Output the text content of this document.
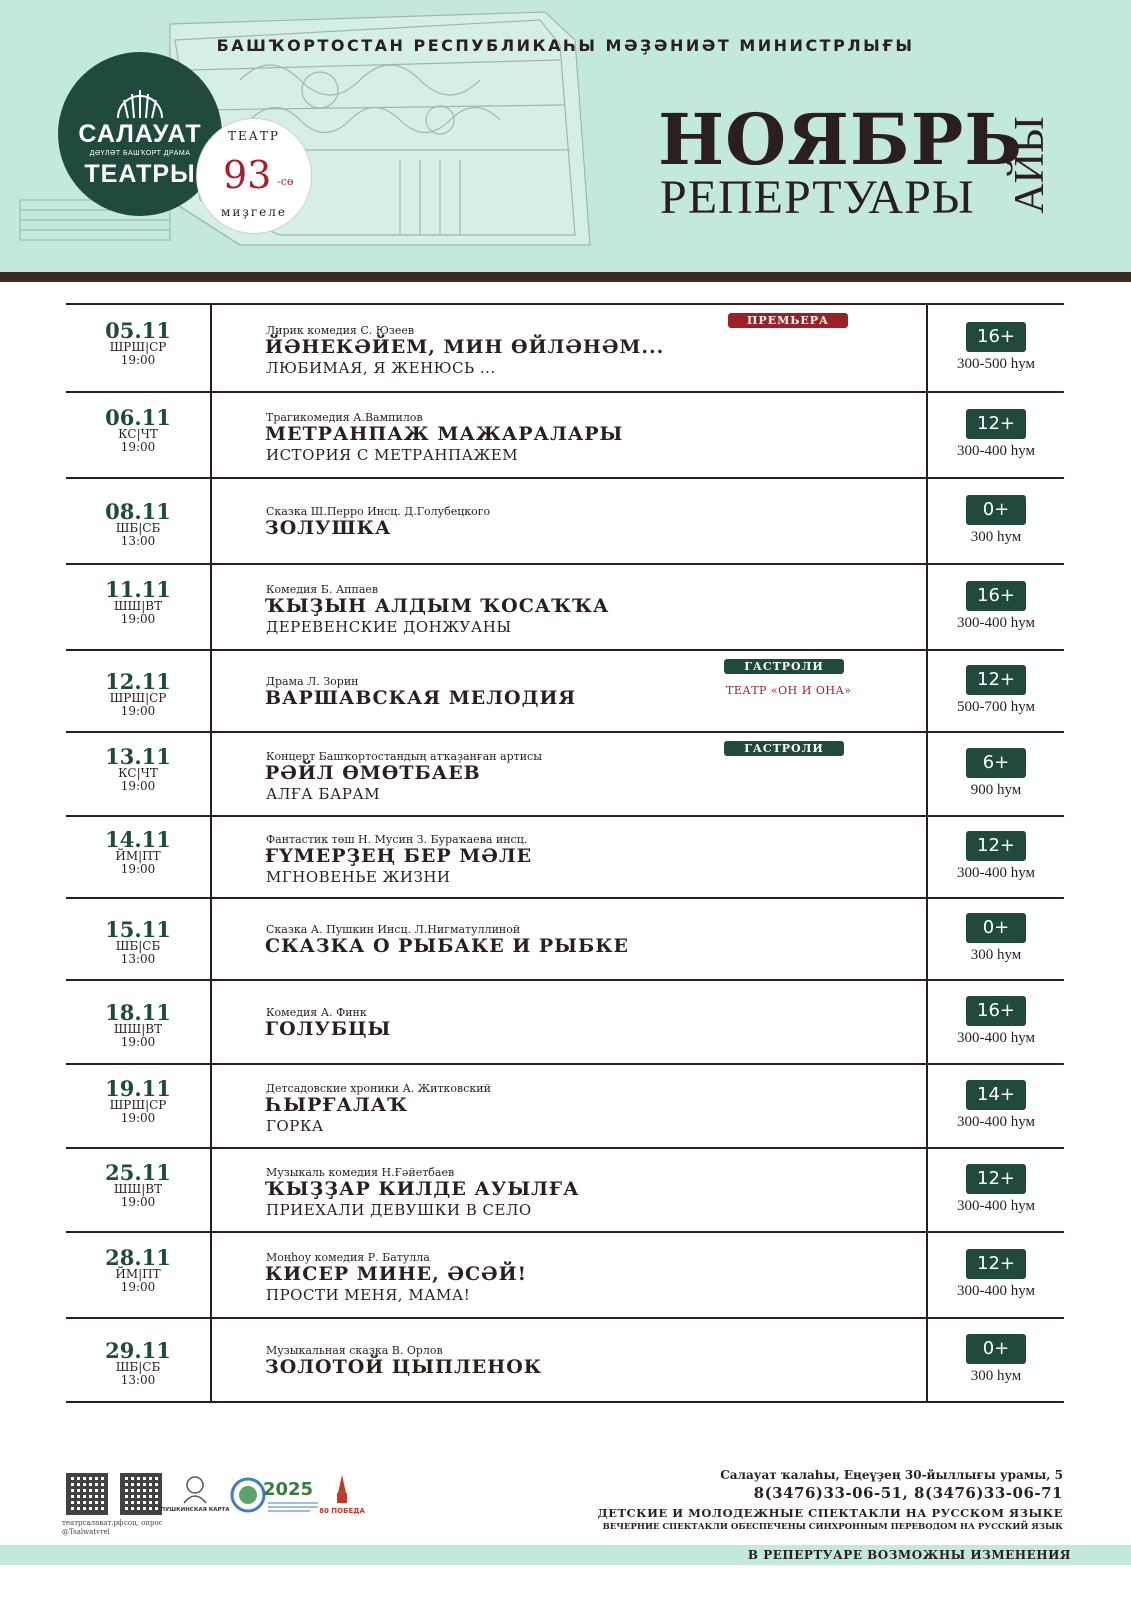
БАШҠОРТОСТАН РЕСПУБЛИКАҺЫ МӘҘӘНИӘТ МИНИСТРЛЫҒЫ
САЛАУАТ
ДӘҮЛӘТ БАШҠОРТ ДРАМА
ТЕАТРЫ
ТЕАТР
93 -сө
миҙгеле
НОЯБРЬ
РЕПЕРТУАРЫ АЙЫ
05.11
ШРШ|СР
19:00
Лирик комедия С. Юзеев
ЙӘНЕКӘЙЕМ, МИН ӨЙЛӘНӘМ...
ЛЮБИМАЯ, Я ЖЕНЮСЬ ...
ПРЕМЬЕРА
16+
300-500 һум
06.11
КС|ЧТ
19:00
Трагикомедия А.Вампилов
МЕТРАНПАЖ МАЖАРАЛАРЫ
ИСТОРИЯ С МЕТРАНПАЖЕМ
12+
300-400 һум
08.11
ШБ|СБ
13:00
Сказка Ш.Перро Инсц. Д.Голубецкого
ЗОЛУШКА
0+
300 һум
11.11
ШШ|ВТ
19:00
Комедия Б. Аппаев
ҠЫҘЫН АЛДЫМ ҠОСАҠҠА
ДЕРЕВЕНСКИЕ ДОНЖУАНЫ
16+
300-400 һум
12.11
ШРШ|СР
19:00
Драма Л. Зорин
ВАРШАВСКАЯ МЕЛОДИЯ
ГАСТРОЛИ
ТЕАТР «ОН И ОНА»
12+
500-700 һум
13.11
КС|ЧТ
19:00
Концерт Башҡортостандың атҡаҙанған артисы
РӘЙЛ ӨМӨТБАЕВ
АЛҒА БАРАМ
ГАСТРОЛИ
6+
900 һум
14.11
ЙМ|ПТ
19:00
Фантастик төш Н. Мусин З. Бураҡаева инсц.
ҒҮМЕРҘЕҢ БЕР МӘЛЕ
МГНОВЕНЬЕ ЖИЗНИ
12+
300-400 һум
15.11
ШБ|СБ
13:00
Сказка А. Пушкин Инсц. Л.Нигматуллиной
СКАЗКА О РЫБАКЕ И РЫБКЕ
0+
300 һум
18.11
ШШ|ВТ
19:00
Комедия А. Финк
ГОЛУБЦЫ
16+
300-400 һум
19.11
ШРШ|СР
19:00
Детсадовские хроники А. Житковский
ҺЫРҒАЛАҠ
ГОРКА
14+
300-400 һум
25.11
ШШ|ВТ
19:00
Музыкаль комедия Н.Ғәйетбаев
ҠЫҘҘАР КИЛДЕ АУЫЛҒА
ПРИЕХАЛИ ДЕВУШКИ В СЕЛО
12+
300-400 һум
28.11
ЙМ|ПТ
19:00
Моңһоу комедия Р. Батулла
КИСЕР МИНЕ, ӘСӘЙ!
ПРОСТИ МЕНЯ, МАМА!
12+
300-400 һум
29.11
ШБ|СБ
13:00
Музыкальная сказка В. Орлов
ЗОЛОТОЙ ЦЫПЛЕНОК
0+
300 һум
театрсалават.рф
@Tsalwatvrel
соц. опрос
ПУШКИНСКАЯ КАРТА
2025
80 ПОБЕДА
Салауат ҡалаһы, Еңеүҙең 30-йыллығы урамы, 5
8(3476)33-06-51, 8(3476)33-06-71
ДЕТСКИЕ И МОЛОДЕЖНЫЕ СПЕКТАКЛИ НА РУССКОМ ЯЗЫКЕ
ВЕЧЕРНИЕ СПЕКТАКЛИ ОБЕСПЕЧЕНЫ СИНХРОННЫМ ПЕРЕВОДОМ НА РУССКИЙ ЯЗЫК
В РЕПЕРТУАРЕ ВОЗМОЖНЫ ИЗМЕНЕНИЯ
